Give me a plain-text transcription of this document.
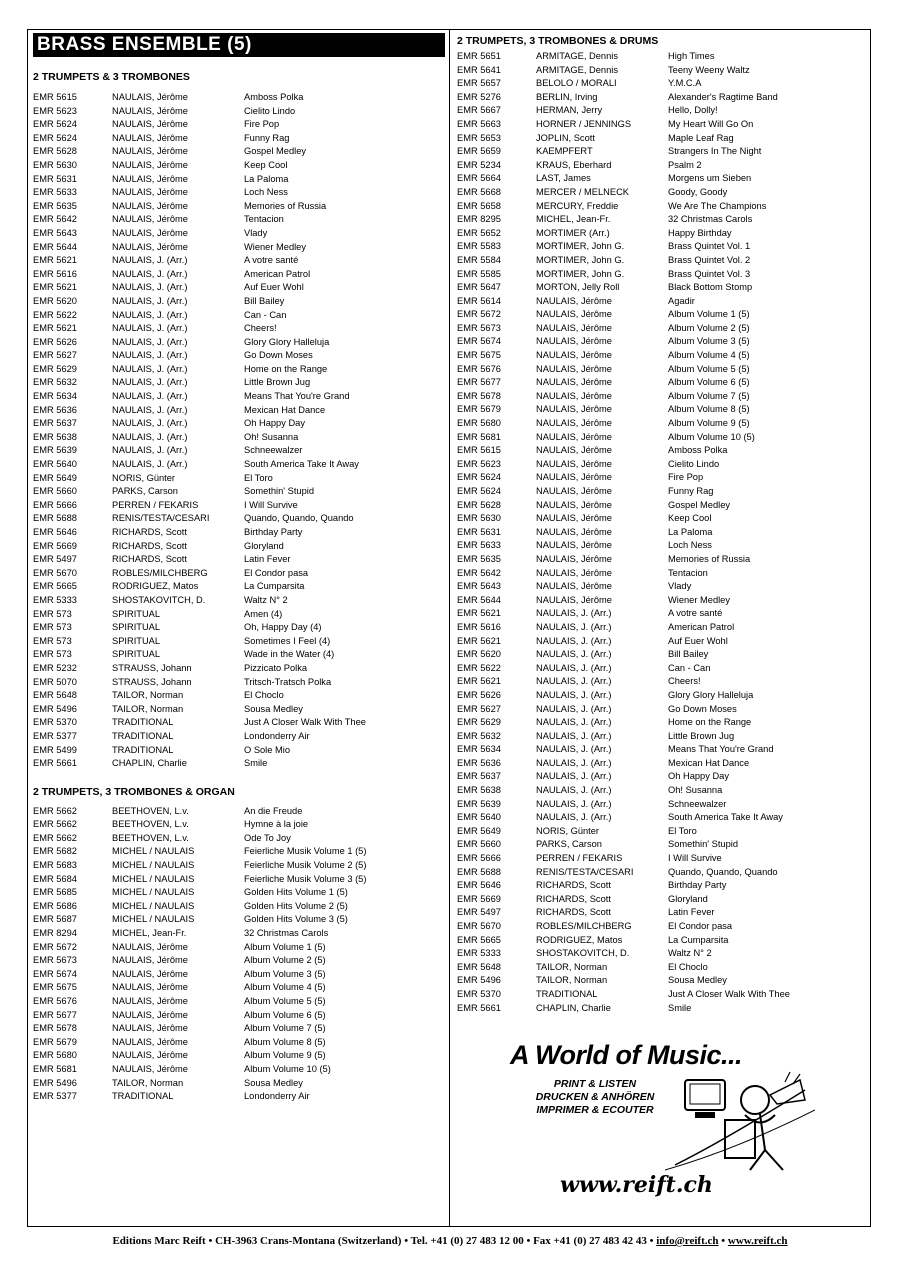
BRASS ENSEMBLE (5)
2 TRUMPETS & 3 TROMBONES
EMR 5615	NAULAIS, Jérôme	Amboss Polka
EMR 5623	NAULAIS, Jérôme	Cielito Lindo
EMR 5624	NAULAIS, Jérôme	Fire Pop
EMR 5624	NAULAIS, Jérôme	Funny Rag
EMR 5628	NAULAIS, Jérôme	Gospel Medley
EMR 5630	NAULAIS, Jérôme	Keep Cool
EMR 5631	NAULAIS, Jérôme	La Paloma
EMR 5633	NAULAIS, Jérôme	Loch Ness
EMR 5635	NAULAIS, Jérôme	Memories of Russia
EMR 5642	NAULAIS, Jérôme	Tentacion
EMR 5643	NAULAIS, Jérôme	Vlady
EMR 5644	NAULAIS, Jérôme	Wiener Medley
EMR 5621	NAULAIS, J. (Arr.)	A votre santé
EMR 5616	NAULAIS, J. (Arr.)	American Patrol
EMR 5621	NAULAIS, J. (Arr.)	Auf Euer Wohl
EMR 5620	NAULAIS, J. (Arr.)	Bill Bailey
EMR 5622	NAULAIS, J. (Arr.)	Can - Can
EMR 5621	NAULAIS, J. (Arr.)	Cheers!
EMR 5626	NAULAIS, J. (Arr.)	Glory Glory Halleluja
EMR 5627	NAULAIS, J. (Arr.)	Go Down Moses
EMR 5629	NAULAIS, J. (Arr.)	Home on the Range
EMR 5632	NAULAIS, J. (Arr.)	Little Brown Jug
EMR 5634	NAULAIS, J. (Arr.)	Means That You're Grand
EMR 5636	NAULAIS, J. (Arr.)	Mexican Hat Dance
EMR 5637	NAULAIS, J. (Arr.)	Oh Happy Day
EMR 5638	NAULAIS, J. (Arr.)	Oh! Susanna
EMR 5639	NAULAIS, J. (Arr.)	Schneewalzer
EMR 5640	NAULAIS, J. (Arr.)	South America Take It Away
EMR 5649	NORIS, Günter	El Toro
EMR 5660	PARKS, Carson	Somethin' Stupid
EMR 5666	PERREN / FEKARIS	I Will Survive
EMR 5688	RENIS/TESTA/CESARI	Quando, Quando, Quando
EMR 5646	RICHARDS, Scott	Birthday Party
EMR 5669	RICHARDS, Scott	Gloryland
EMR 5497	RICHARDS, Scott	Latin Fever
EMR 5670	ROBLES/MILCHBERG	El Condor pasa
EMR 5665	RODRIGUEZ, Matos	La Cumparsita
EMR 5333	SHOSTAKOVITCH, D.	Waltz N° 2
EMR 573	SPIRITUAL	Amen (4)
EMR 573	SPIRITUAL	Oh, Happy Day (4)
EMR 573	SPIRITUAL	Sometimes I Feel (4)
EMR 573	SPIRITUAL	Wade in the Water (4)
EMR 5232	STRAUSS, Johann	Pizzicato Polka
EMR 5070	STRAUSS, Johann	Tritsch-Tratsch Polka
EMR 5648	TAILOR, Norman	El Choclo
EMR 5496	TAILOR, Norman	Sousa Medley
EMR 5370	TRADITIONAL	Just A Closer Walk With Thee
EMR 5377	TRADITIONAL	Londonderry Air
EMR 5499	TRADITIONAL	O Sole Mio
EMR 5661	CHAPLIN, Charlie	Smile
2 TRUMPETS, 3 TROMBONES & ORGAN
EMR 5662	BEETHOVEN, L.v.	An die Freude
EMR 5662	BEETHOVEN, L.v.	Hymne à la joie
EMR 5662	BEETHOVEN, L.v.	Ode To Joy
EMR 5682	MICHEL / NAULAIS	Feierliche Musik Volume 1 (5)
EMR 5683	MICHEL / NAULAIS	Feierliche Musik Volume 2 (5)
EMR 5684	MICHEL / NAULAIS	Feierliche Musik Volume 3 (5)
EMR 5685	MICHEL / NAULAIS	Golden Hits Volume 1 (5)
EMR 5686	MICHEL / NAULAIS	Golden Hits Volume 2 (5)
EMR 5687	MICHEL / NAULAIS	Golden Hits Volume 3 (5)
EMR 8294	MICHEL, Jean-Fr.	32 Christmas Carols
EMR 5672	NAULAIS, Jérôme	Album Volume 1 (5)
EMR 5673	NAULAIS, Jérôme	Album Volume 2 (5)
EMR 5674	NAULAIS, Jérôme	Album Volume 3 (5)
EMR 5675	NAULAIS, Jérôme	Album Volume 4 (5)
EMR 5676	NAULAIS, Jérôme	Album Volume 5 (5)
EMR 5677	NAULAIS, Jérôme	Album Volume 6 (5)
EMR 5678	NAULAIS, Jérôme	Album Volume 7 (5)
EMR 5679	NAULAIS, Jérôme	Album Volume 8 (5)
EMR 5680	NAULAIS, Jérôme	Album Volume 9 (5)
EMR 5681	NAULAIS, Jérôme	Album Volume 10 (5)
EMR 5496	TAILOR, Norman	Sousa Medley
EMR 5377	TRADITIONAL	Londonderry Air
2 TRUMPETS, 3 TROMBONES & DRUMS
EMR 5651	ARMITAGE, Dennis	High Times
EMR 5641	ARMITAGE, Dennis	Teeny Weeny Waltz
EMR 5657	BELOLO / MORALI	Y.M.C.A
EMR 5276	BERLIN, Irving	Alexander's Ragtime Band
EMR 5667	HERMAN, Jerry	Hello, Dolly!
EMR 5663	HORNER / JENNINGS	My Heart Will Go On
EMR 5653	JOPLIN, Scott	Maple Leaf Rag
EMR 5659	KAEMPFERT	Strangers In The Night
EMR 5234	KRAUS, Eberhard	Psalm 2
EMR 5664	LAST, James	Morgens um Sieben
EMR 5668	MERCER / MELNECK	Goody, Goody
EMR 5658	MERCURY, Freddie	We Are The Champions
EMR 8295	MICHEL, Jean-Fr.	32 Christmas Carols
EMR 5652	MORTIMER (Arr.)	Happy Birthday
EMR 5583	MORTIMER, John G.	Brass Quintet Vol. 1
EMR 5584	MORTIMER, John G.	Brass Quintet Vol. 2
EMR 5585	MORTIMER, John G.	Brass Quintet Vol. 3
EMR 5647	MORTON, Jelly Roll	Black Bottom Stomp
EMR 5614	NAULAIS, Jérôme	Agadir
EMR 5672	NAULAIS, Jérôme	Album Volume 1 (5)
EMR 5673	NAULAIS, Jérôme	Album Volume 2 (5)
EMR 5674	NAULAIS, Jérôme	Album Volume 3 (5)
EMR 5675	NAULAIS, Jérôme	Album Volume 4 (5)
EMR 5676	NAULAIS, Jérôme	Album Volume 5 (5)
EMR 5677	NAULAIS, Jérôme	Album Volume 6 (5)
EMR 5678	NAULAIS, Jérôme	Album Volume 7 (5)
EMR 5679	NAULAIS, Jérôme	Album Volume 8 (5)
EMR 5680	NAULAIS, Jérôme	Album Volume 9 (5)
EMR 5681	NAULAIS, Jérôme	Album Volume 10 (5)
EMR 5615	NAULAIS, Jérôme	Amboss Polka
EMR 5623	NAULAIS, Jérôme	Cielito Lindo
EMR 5624	NAULAIS, Jérôme	Fire Pop
EMR 5624	NAULAIS, Jérôme	Funny Rag
EMR 5628	NAULAIS, Jérôme	Gospel Medley
EMR 5630	NAULAIS, Jérôme	Keep Cool
EMR 5631	NAULAIS, Jérôme	La Paloma
EMR 5633	NAULAIS, Jérôme	Loch Ness
EMR 5635	NAULAIS, Jérôme	Memories of Russia
EMR 5642	NAULAIS, Jérôme	Tentacion
EMR 5643	NAULAIS, Jérôme	Vlady
EMR 5644	NAULAIS, Jérôme	Wiener Medley
EMR 5621	NAULAIS, J. (Arr.)	A votre santé
EMR 5616	NAULAIS, J. (Arr.)	American Patrol
EMR 5621	NAULAIS, J. (Arr.)	Auf Euer Wohl
EMR 5620	NAULAIS, J. (Arr.)	Bill Bailey
EMR 5622	NAULAIS, J. (Arr.)	Can - Can
EMR 5621	NAULAIS, J. (Arr.)	Cheers!
EMR 5626	NAULAIS, J. (Arr.)	Glory Glory Halleluja
EMR 5627	NAULAIS, J. (Arr.)	Go Down Moses
EMR 5629	NAULAIS, J. (Arr.)	Home on the Range
EMR 5632	NAULAIS, J. (Arr.)	Little Brown Jug
EMR 5634	NAULAIS, J. (Arr.)	Means That You're Grand
EMR 5636	NAULAIS, J. (Arr.)	Mexican Hat Dance
EMR 5637	NAULAIS, J. (Arr.)	Oh Happy Day
EMR 5638	NAULAIS, J. (Arr.)	Oh! Susanna
EMR 5639	NAULAIS, J. (Arr.)	Schneewalzer
EMR 5640	NAULAIS, J. (Arr.)	South America Take It Away
EMR 5649	NORIS, Günter	El Toro
EMR 5660	PARKS, Carson	Somethin' Stupid
EMR 5666	PERREN / FEKARIS	I Will Survive
EMR 5688	RENIS/TESTA/CESARI	Quando, Quando, Quando
EMR 5646	RICHARDS, Scott	Birthday Party
EMR 5669	RICHARDS, Scott	Gloryland
EMR 5497	RICHARDS, Scott	Latin Fever
EMR 5670	ROBLES/MILCHBERG	El Condor pasa
EMR 5665	RODRIGUEZ, Matos	La Cumparsita
EMR 5333	SHOSTAKOVITCH, D.	Waltz N° 2
EMR 5648	TAILOR, Norman	El Choclo
EMR 5496	TAILOR, Norman	Sousa Medley
EMR 5370	TRADITIONAL	Just A Closer Walk With Thee
EMR 5661	CHAPLIN, Charlie	Smile
A World of Music...
PRINT & LISTEN
DRUCKEN & ANHÖREN
IMPRIMER & ECOUTER
www.reift.ch
Editions Marc Reift • CH-3963 Crans-Montana (Switzerland) • Tel. +41 (0) 27 483 12 00 • Fax +41 (0) 27 483 42 43 • info@reift.ch • www.reift.ch
